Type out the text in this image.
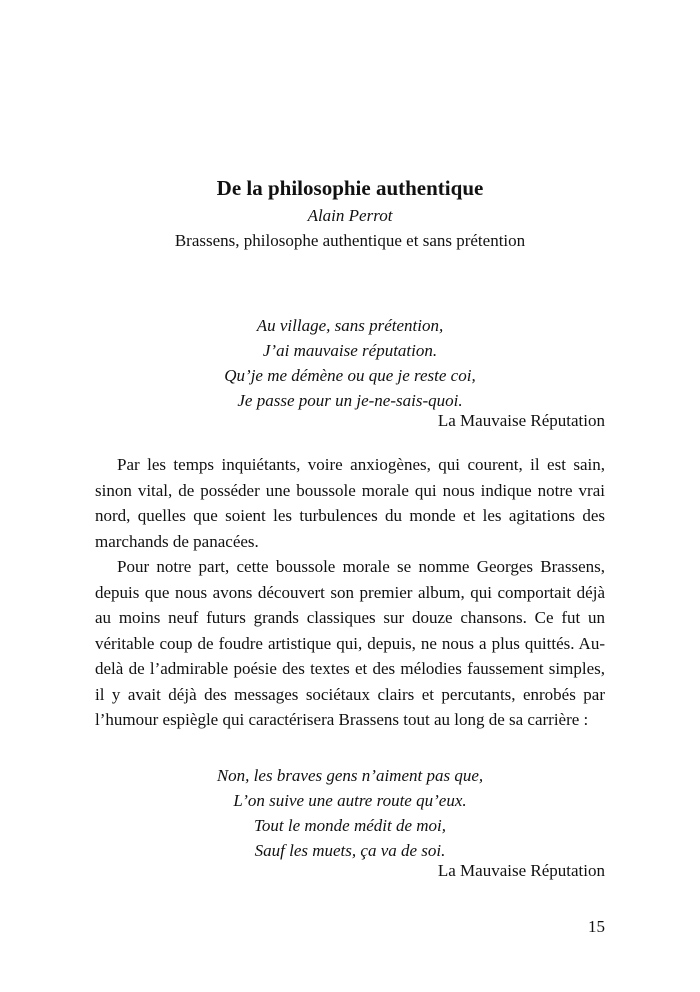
De la philosophie authentique
Alain Perrot
Brassens, philosophe authentique et sans prétention
Au village, sans prétention,
J’ai mauvaise réputation.
Qu’je me démène ou que je reste coi,
Je passe pour un je-ne-sais-quoi.
La Mauvaise Réputation

Par les temps inquiétants, voire anxiogènes, qui courent, il est sain, sinon vital, de posséder une boussole morale qui nous indique notre vrai nord, quelles que soient les turbulences du monde et les agitations des marchands de panacées.

Pour notre part, cette boussole morale se nomme Georges Brassens, depuis que nous avons découvert son premier album, qui comportait déjà au moins neuf futurs grands classiques sur douze chansons. Ce fut un véritable coup de foudre artistique qui, depuis, ne nous a plus quittés. Au-delà de l’admirable poésie des textes et des mélodies faussement simples, il y avait déjà des messages sociétaux clairs et percutants, enrobés par l’humour espiègle qui caractérisera Brassens tout au long de sa carrière :

Non, les braves gens n’aiment pas que,
L’on suive une autre route qu’eux.
Tout le monde médit de moi,
Sauf les muets, ça va de soi.
La Mauvaise Réputation
15
